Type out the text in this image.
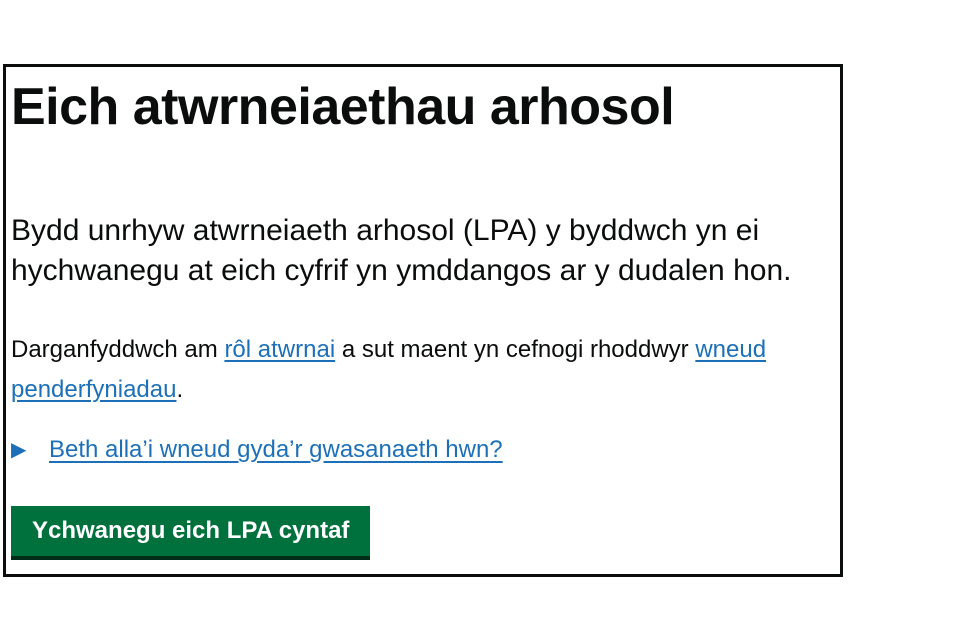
Eich atwrneiaethau arhosol

Bydd unrhyw atwrneiaeth arhosol (LPA) y byddwch yn ei hychwanegu at eich cyfrif yn ymddangos ar y dudalen hon.

Darganfyddwch am rôl atwrnai a sut maent yn cefnogi rhoddwyr wneud penderfyniadau.

▶ Beth alla’i wneud gyda’r gwasanaeth hwn?
Ychwanegu eich LPA cyntaf
